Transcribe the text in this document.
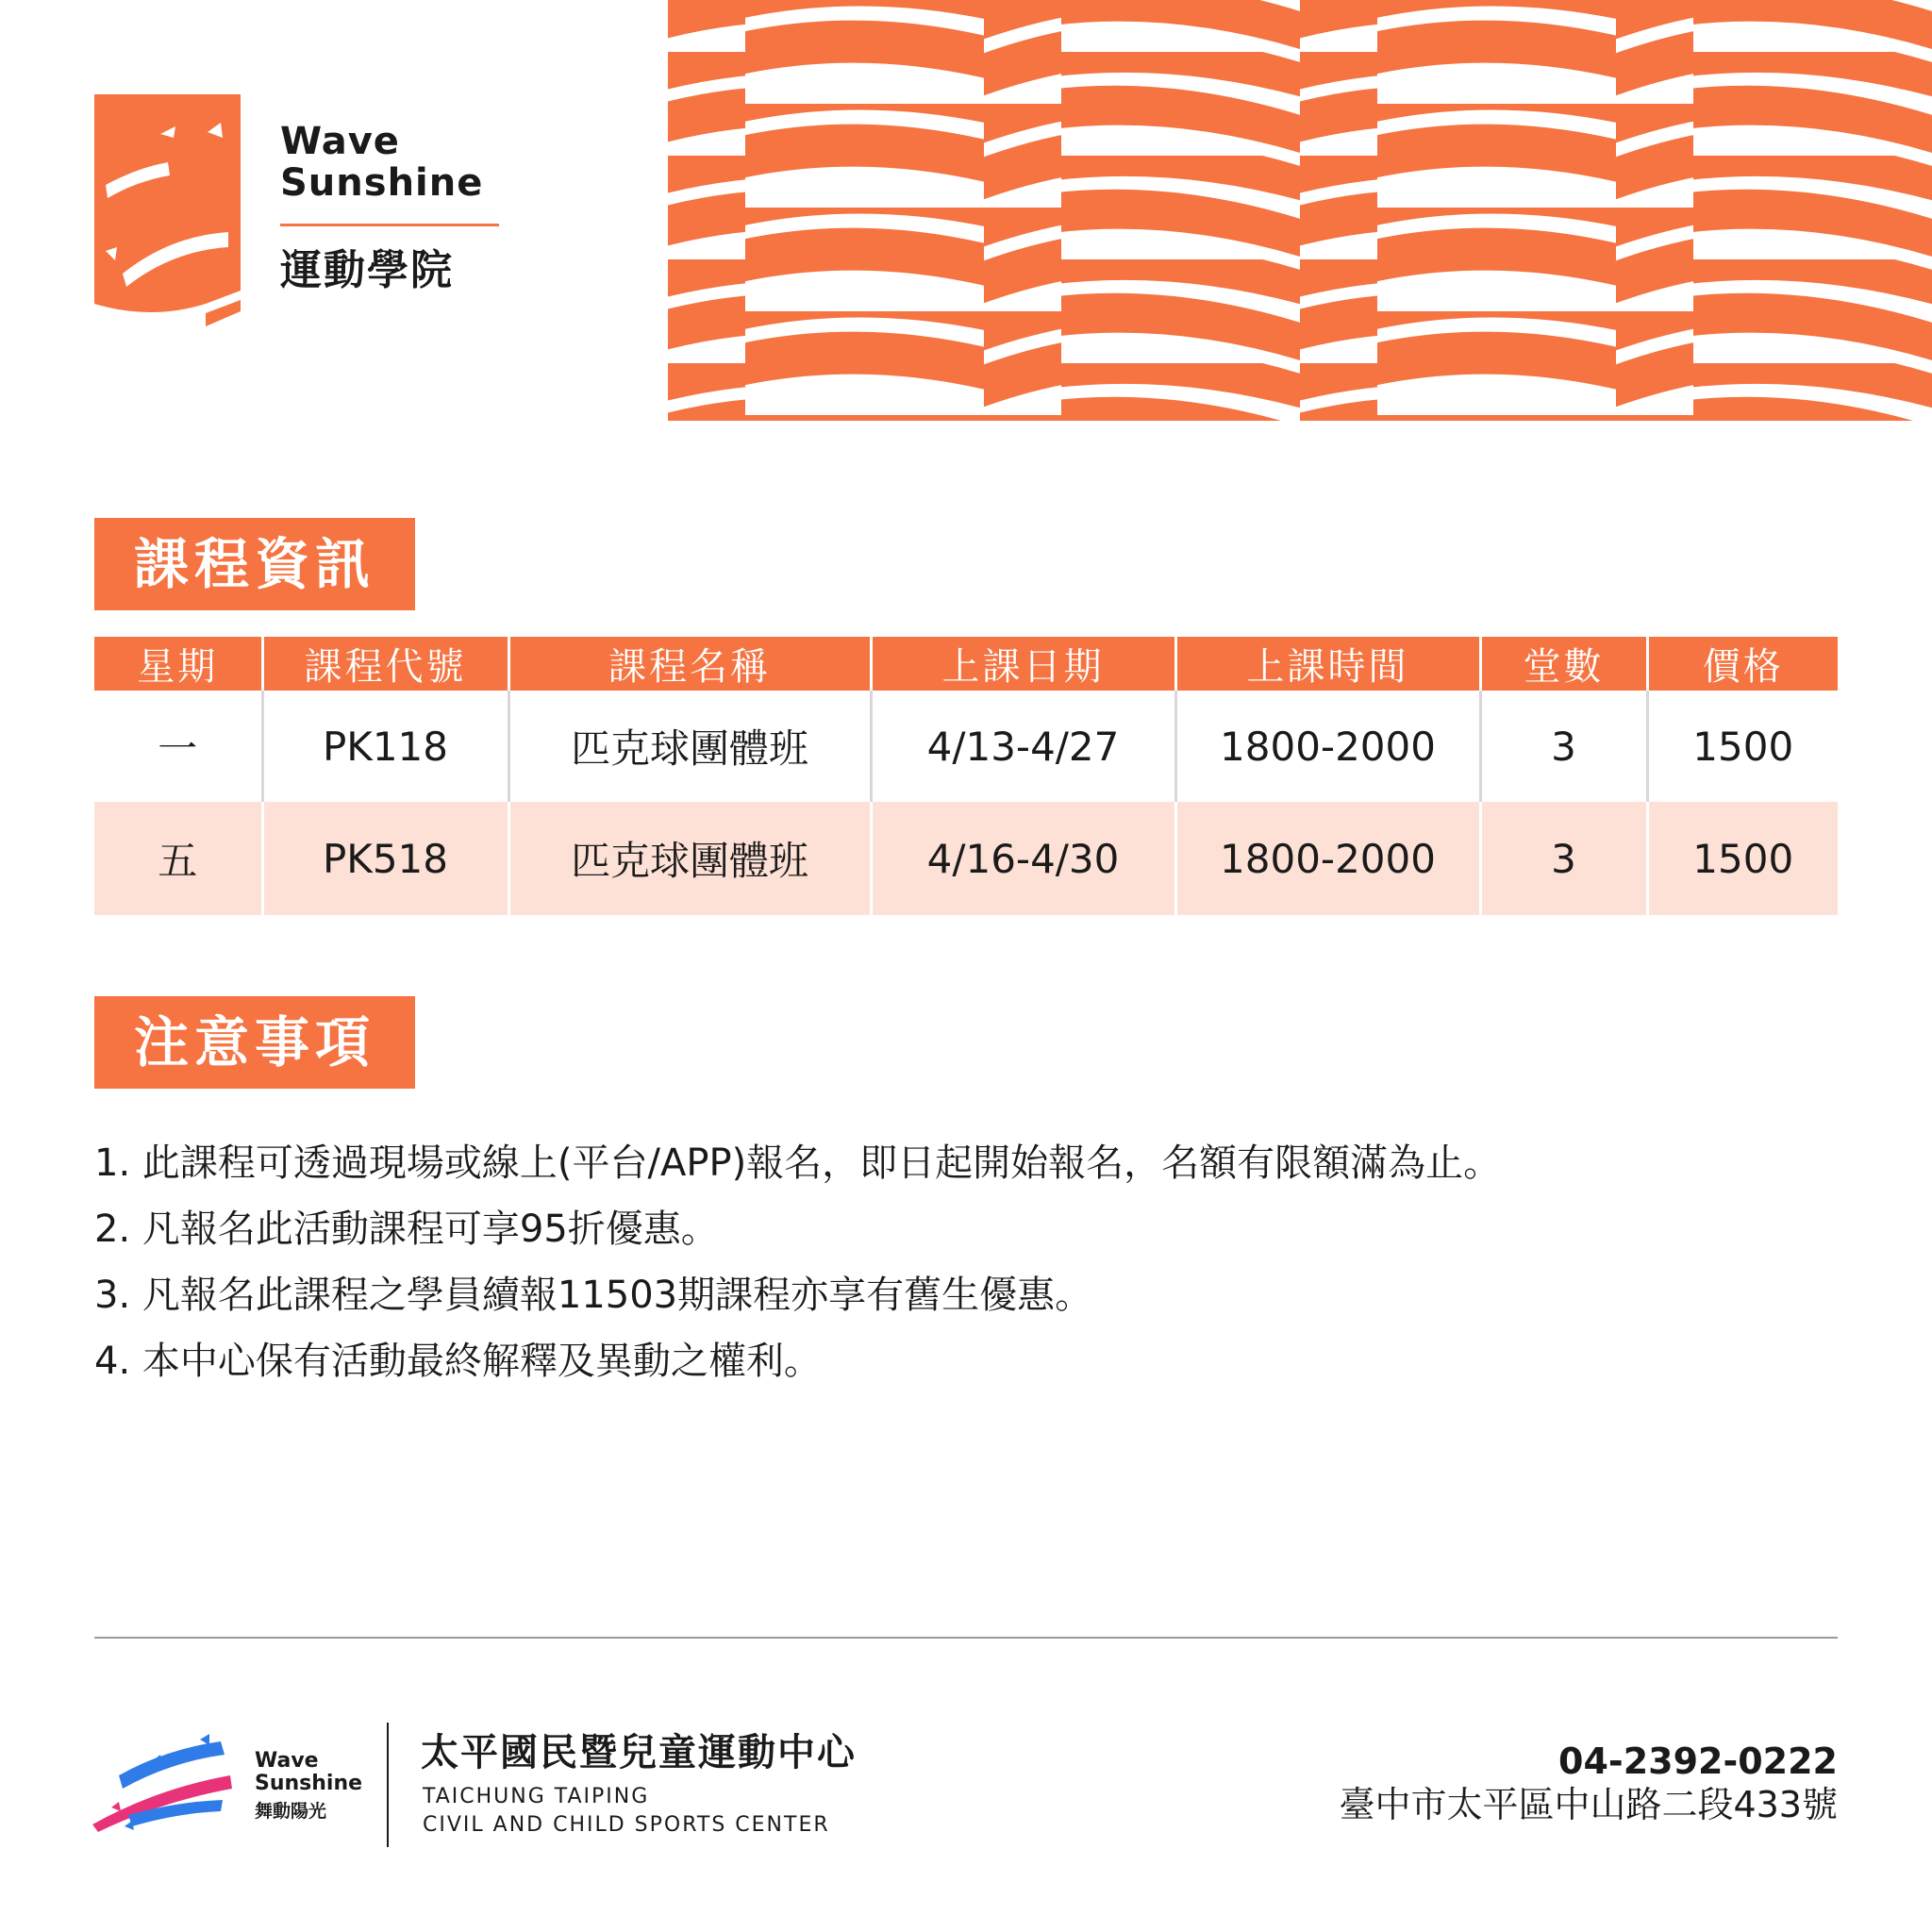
Wave
Sunshine
運動學院
課程資訊
星期	課程代號	課程名稱	上課日期	上課時間	堂數	價格
一	PK118	匹克球團體班	4/13-4/27	1800-2000	3	1500
五	PK518	匹克球團體班	4/16-4/30	1800-2000	3	1500
注意事項
1. 此課程可透過現場或線上(平台/APP)報名，即日起開始報名，名額有限額滿為止。
2. 凡報名此活動課程可享95折優惠。
3. 凡報名此課程之學員續報11503期課程亦享有舊生優惠。
4. 本中心保有活動最終解釋及異動之權利。
Wave
Sunshine
舞動陽光
太平國民暨兒童運動中心
TAICHUNG TAIPING
CIVIL AND CHILD SPORTS CENTER
04-2392-0222
臺中市太平區中山路二段433號
